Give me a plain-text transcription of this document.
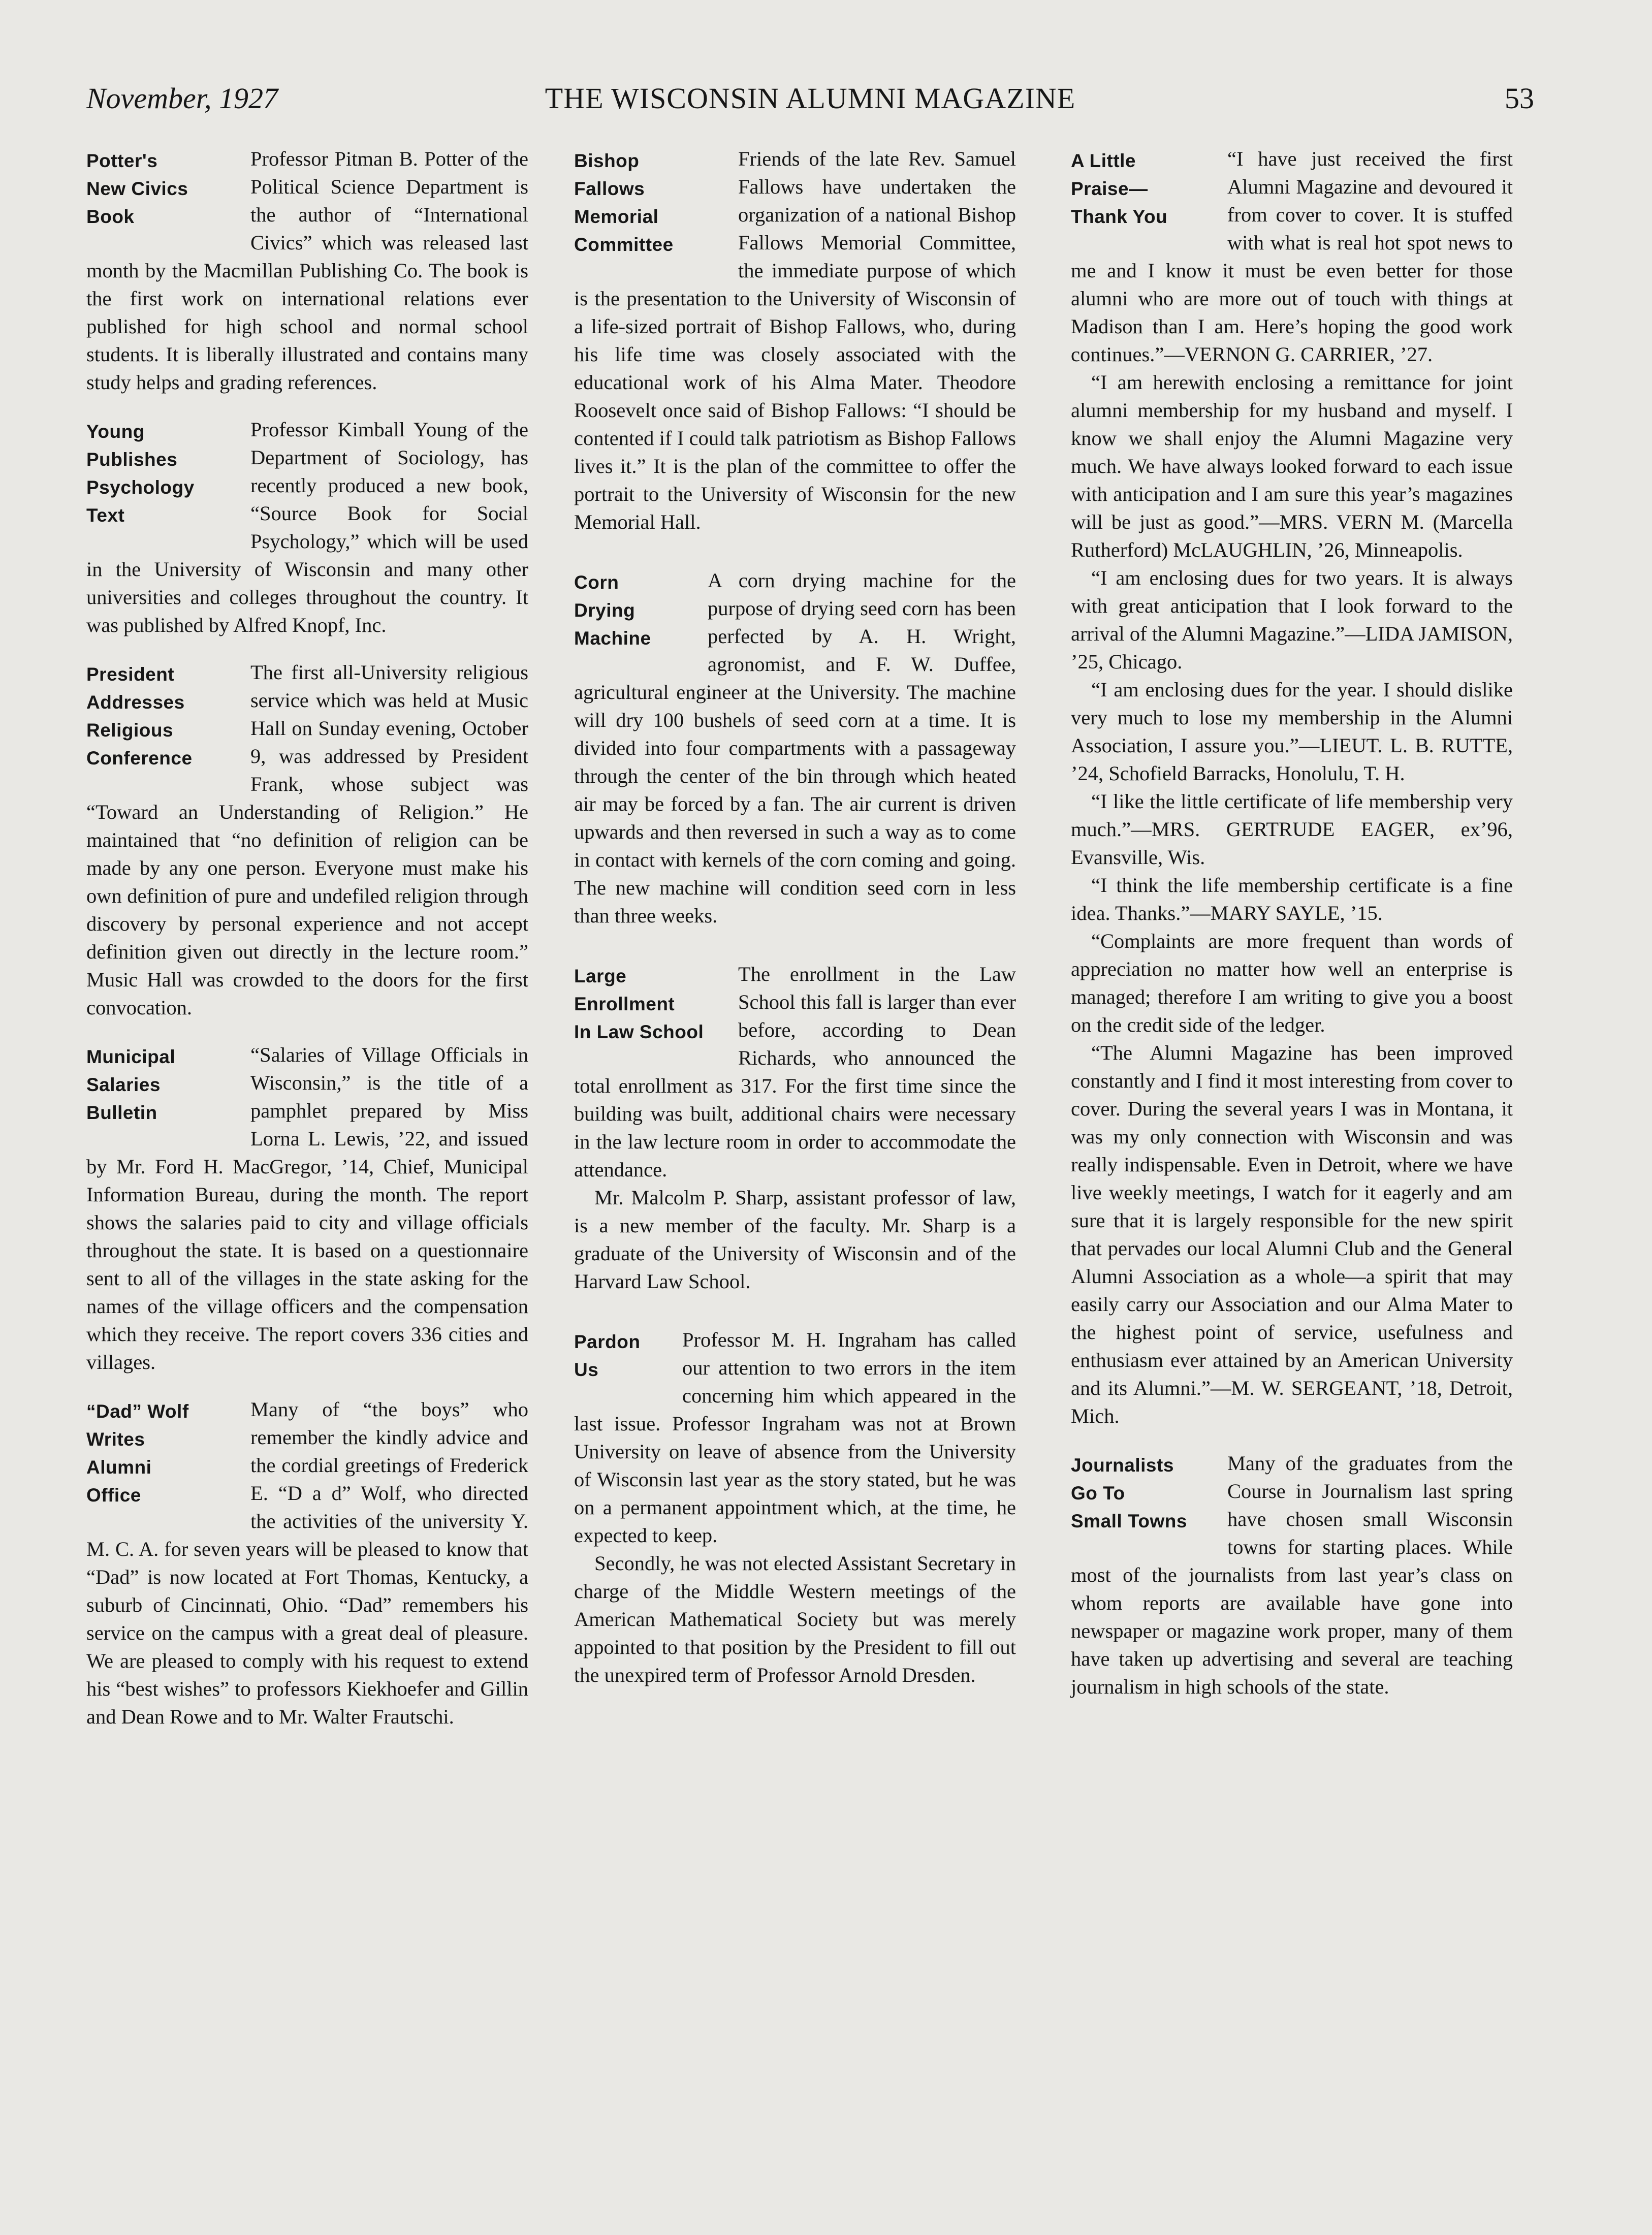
November, 1927	THE WISCONSIN ALUMNI MAGAZINE	53
Potter's
New Civics
Book

Professor Pitman B. Potter of the Political Science Department is the author of “International Civics” which was released last month by the Macmillan Publishing Co. The book is the first work on international relations ever published for high school and normal school students. It is liberally illustrated and contains many study helps and grading references.

Young
Publishes
Psychology
Text

Professor Kimball Young of the Department of Sociology, has recently produced a new book, “Source Book for Social Psychology,” which will be used in the University of Wisconsin and many other universities and colleges throughout the country. It was published by Alfred Knopf, Inc.

President
Addresses
Religious
Conference

The first all-University religious service which was held at Music Hall on Sunday evening, October 9, was addressed by President Frank, whose subject was “Toward an Understanding of Religion.” He maintained that “no definition of religion can be made by any one person. Everyone must make his own definition of pure and undefiled religion through discovery by personal experience and not accept definition given out directly in the lecture room.” Music Hall was crowded to the doors for the first convocation.

Municipal
Salaries
Bulletin

“Salaries of Village Officials in Wisconsin,” is the title of a pamphlet prepared by Miss Lorna L. Lewis, ’22, and issued by Mr. Ford H. MacGregor, ’14, Chief, Municipal Information Bureau, during the month. The report shows the salaries paid to city and village officials throughout the state. It is based on a questionnaire sent to all of the villages in the state asking for the names of the village officers and the compensation which they receive. The report covers 336 cities and villages.

“Dad” Wolf
Writes
Alumni
Office

Many of “the boys” who remember the kindly advice and the cordial greetings of Frederick E. “D a d” Wolf, who directed the activities of the university Y. M. C. A. for seven years will be pleased to know that “Dad” is now located at Fort Thomas, Kentucky, a suburb of Cincinnati, Ohio. “Dad” remembers his service on the campus with a great deal of pleasure. We are pleased to comply with his request to extend his “best wishes” to professors Kiekhoefer and Gillin and Dean Rowe and to Mr. Walter Frautschi.

Bishop
Fallows
Memorial
Committee

Friends of the late Rev. Samuel Fallows have undertaken the organization of a national Bishop Fallows Memorial Committee, the immediate purpose of which is the presentation to the University of Wisconsin of a life-sized portrait of Bishop Fallows, who, during his life time was closely associated with the educational work of his Alma Mater. Theodore Roosevelt once said of Bishop Fallows: “I should be contented if I could talk patriotism as Bishop Fallows lives it.” It is the plan of the committee to offer the portrait to the University of Wisconsin for the new Memorial Hall.

Corn
Drying
Machine

A corn drying machine for the purpose of drying seed corn has been perfected by A. H. Wright, agronomist, and F. W. Duffee, agricultural engineer at the University. The machine will dry 100 bushels of seed corn at a time. It is divided into four compartments with a passageway through the center of the bin through which heated air may be forced by a fan. The air current is driven upwards and then reversed in such a way as to come in contact with kernels of the corn coming and going. The new machine will condition seed corn in less than three weeks.

Large
Enrollment
In Law School

The enrollment in the Law School this fall is larger than ever before, according to Dean Richards, who announced the total enrollment as 317. For the first time since the building was built, additional chairs were necessary in the law lecture room in order to accommodate the attendance.

Mr. Malcolm P. Sharp, assistant professor of law, is a new member of the faculty. Mr. Sharp is a graduate of the University of Wisconsin and of the Harvard Law School.

Pardon
Us

Professor M. H. Ingraham has called our attention to two errors in the item concerning him which appeared in the last issue. Professor Ingraham was not at Brown University on leave of absence from the University of Wisconsin last year as the story stated, but he was on a permanent appointment which, at the time, he expected to keep.

Secondly, he was not elected Assistant Secretary in charge of the Middle Western meetings of the American Mathematical Society but was merely appointed to that position by the President to fill out the unexpired term of Professor Arnold Dresden.

A Little
Praise—
Thank You

“I have just received the first Alumni Magazine and devoured it from cover to cover. It is stuffed with what is real hot spot news to me and I know it must be even better for those alumni who are more out of touch with things at Madison than I am. Here’s hoping the good work continues.”—VERNON G. CARRIER, ’27.

“I am herewith enclosing a remittance for joint alumni membership for my husband and myself. I know we shall enjoy the Alumni Magazine very much. We have always looked forward to each issue with anticipation and I am sure this year’s magazines will be just as good.”—MRS. VERN M. (Marcella Rutherford) McLAUGHLIN, ’26, Minneapolis.

“I am enclosing dues for two years. It is always with great anticipation that I look forward to the arrival of the Alumni Magazine.”—LIDA JAMISON, ’25, Chicago.

“I am enclosing dues for the year. I should dislike very much to lose my membership in the Alumni Association, I assure you.”—LIEUT. L. B. RUTTE, ’24, Schofield Barracks, Honolulu, T. H.

“I like the little certificate of life membership very much.”—MRS. GERTRUDE EAGER, ex’96, Evansville, Wis.

“I think the life membership certificate is a fine idea. Thanks.”—MARY SAYLE, ’15.

“Complaints are more frequent than words of appreciation no matter how well an enterprise is managed; therefore I am writing to give you a boost on the credit side of the ledger.

“The Alumni Magazine has been improved constantly and I find it most interesting from cover to cover. During the several years I was in Montana, it was my only connection with Wisconsin and was really indispensable. Even in Detroit, where we have live weekly meetings, I watch for it eagerly and am sure that it is largely responsible for the new spirit that pervades our local Alumni Club and the General Alumni Association as a whole—a spirit that may easily carry our Association and our Alma Mater to the highest point of service, usefulness and enthusiasm ever attained by an American University and its Alumni.”—M. W. SERGEANT, ’18, Detroit, Mich.

Journalists
Go To
Small Towns

Many of the graduates from the Course in Journalism last spring have chosen small Wisconsin towns for starting places. While most of the journalists from last year’s class on whom reports are available have gone into newspaper or magazine work proper, many of them have taken up advertising and several are teaching journalism in high schools of the state.
